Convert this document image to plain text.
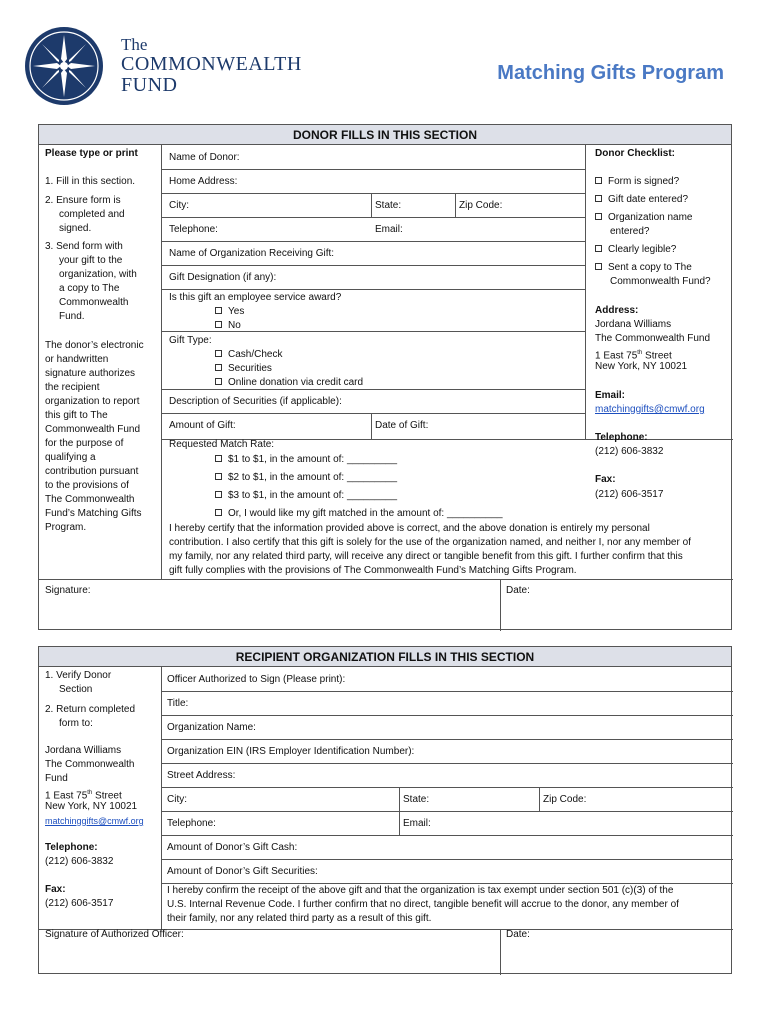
The
COMMONWEALTH
FUND
Matching Gifts Program
DONOR FILLS IN THIS SECTION
Please type or print
1. Fill in this section.
2. Ensure form is
completed and
signed.
3. Send form with
your gift to the
organization, with
a copy to The
Commonwealth
Fund.
The donor’s electronic
or handwritten
signature authorizes
the recipient
organization to report
this gift to The
Commonwealth Fund
for the purpose of
qualifying a
contribution pursuant
to the provisions of
The Commonwealth
Fund’s Matching Gifts
Program.
Name of Donor:
Home Address:
City:	State:	Zip Code:
Telephone:	Email:
Name of Organization Receiving Gift:
Gift Designation (if any):
Is this gift an employee service award?
Yes
No
Gift Type:
Cash/Check
Securities
Online donation via credit card
Description of Securities (if applicable):
Amount of Gift:	Date of Gift:
Requested Match Rate:
$1 to $1, in the amount of: _________
$2 to $1, in the amount of: _________
$3 to $1, in the amount of: _________
Or, I would like my gift matched in the amount of: __________
I hereby certify that the information provided above is correct, and the above donation is entirely my personal
contribution. I also certify that this gift is solely for the use of the organization named, and neither I, nor any member of
my family, nor any related third party, will receive any direct or tangible benefit from this gift. I further confirm that this
gift fully complies with the provisions of The Commonwealth Fund’s Matching Gifts Program.
Signature:	Date:
Donor Checklist:
Form is signed?
Gift date entered?
Organization name
entered?
Clearly legible?
Sent a copy to The
Commonwealth Fund?
Address:
Jordana Williams
The Commonwealth Fund
1 East 75th Street
New York, NY 10021
Email:
matchinggifts@cmwf.org
Telephone:
(212) 606-3832
Fax:
(212) 606-3517
RECIPIENT ORGANIZATION FILLS IN THIS SECTION
1. Verify Donor
Section
2. Return completed
form to:
Jordana Williams
The Commonwealth
Fund
1 East 75th Street
New York, NY 10021
matchinggifts@cmwf.org
Telephone:
(212) 606-3832
Fax:
(212) 606-3517
Officer Authorized to Sign (Please print):
Title:
Organization Name:
Organization EIN (IRS Employer Identification Number):
Street Address:
City:	State:	Zip Code:
Telephone:	Email:
Amount of Donor’s Gift Cash:
Amount of Donor’s Gift Securities:
I hereby confirm the receipt of the above gift and that the organization is tax exempt under section 501 (c)(3) of the
U.S. Internal Revenue Code. I further confirm that no direct, tangible benefit will accrue to the donor, any member of
their family, nor any related third party as a result of this gift.
Signature of Authorized Officer:	Date:
